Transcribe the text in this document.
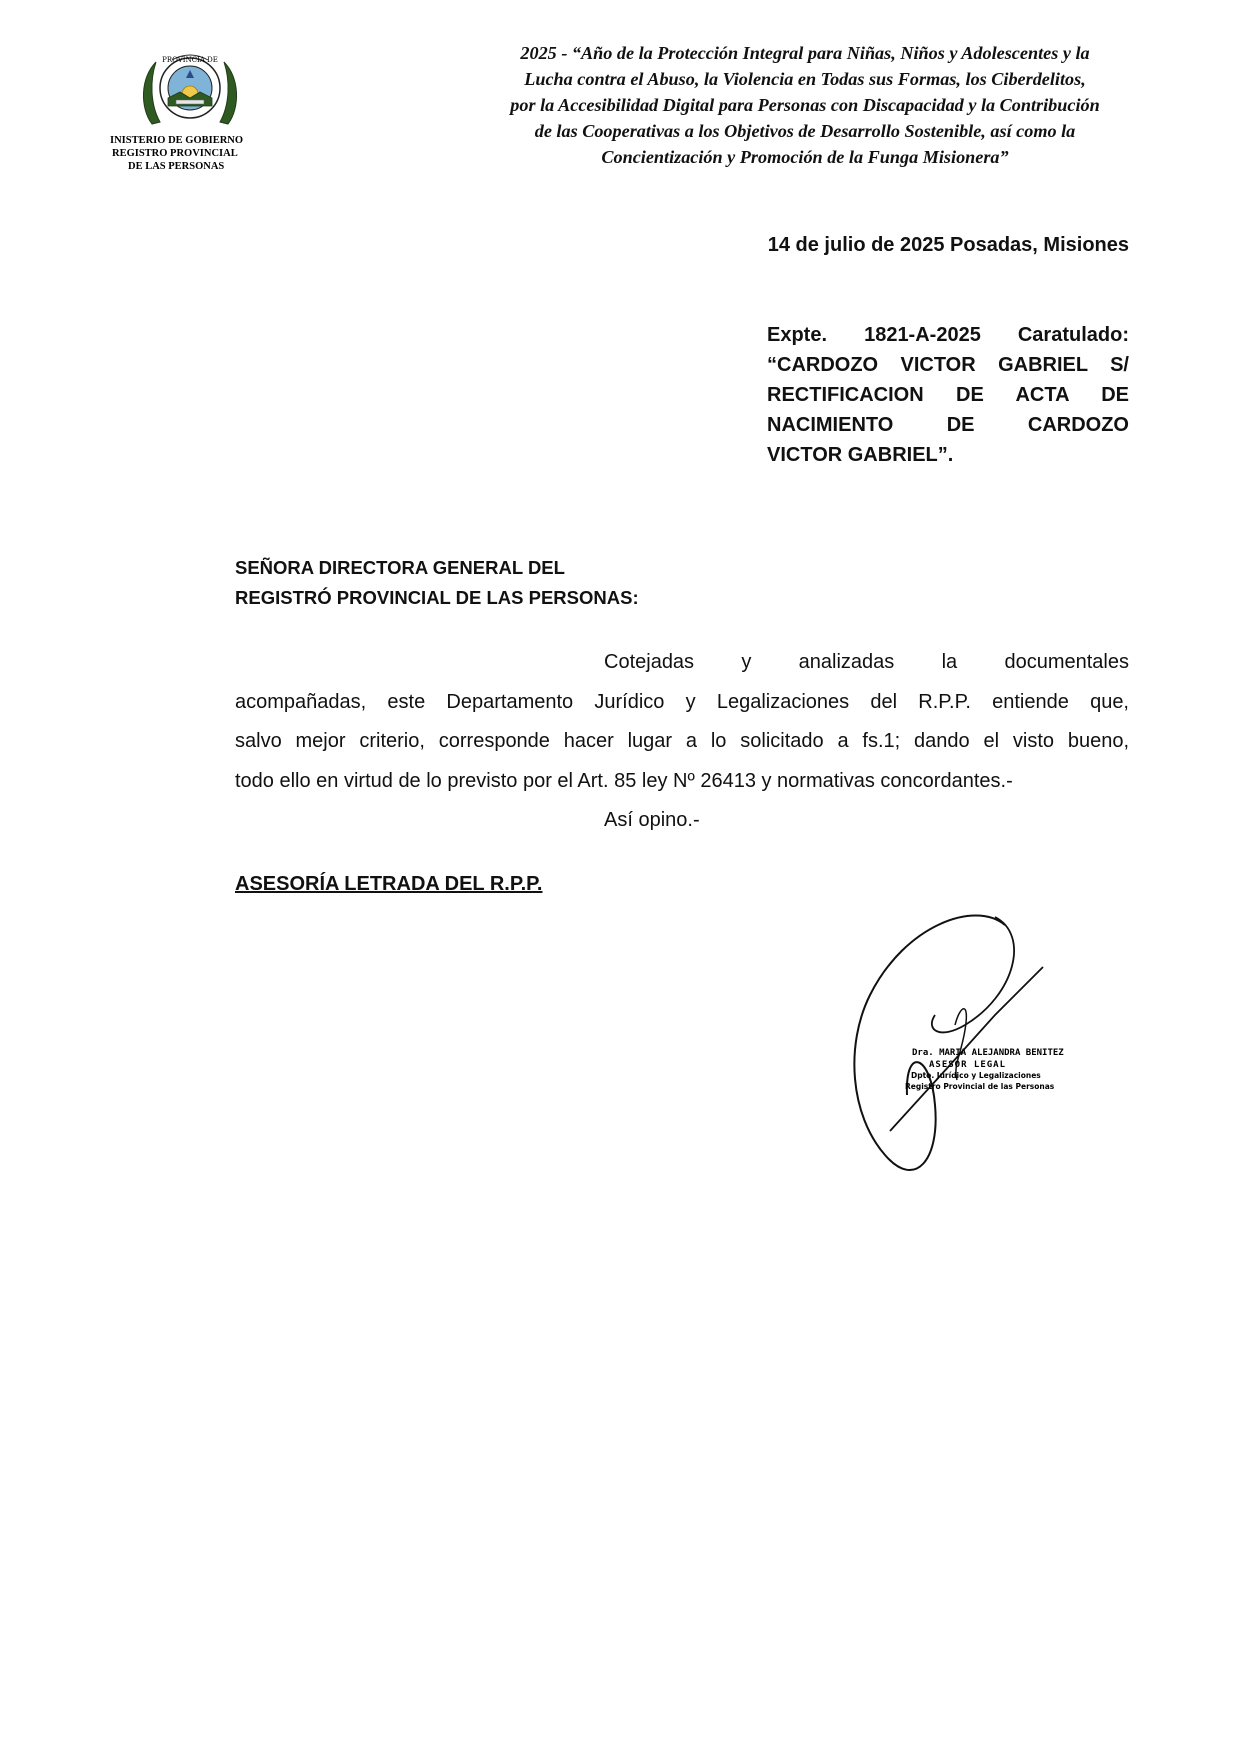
PROVINCIA DE
INISTERIO DE GOBIERNO
REGISTRO PROVINCIAL
DE LAS PERSONAS
2025 - “Año de la Protección Integral para Niñas, Niños y Adolescentes y la
Lucha contra el Abuso, la Violencia en Todas sus Formas, los Ciberdelitos,
por la Accesibilidad Digital para Personas con Discapacidad y la Contribución
de las Cooperativas a los Objetivos de Desarrollo Sostenible, así como la
Concientización y Promoción de la Funga Misionera”
14 de julio de 2025 Posadas, Misiones
Expte. 1821-A-2025 Caratulado:
“CARDOZO VICTOR GABRIEL S/
RECTIFICACION DE ACTA DE
NACIMIENTO DE CARDOZO
VICTOR GABRIEL”.
SEÑORA DIRECTORA GENERAL DEL
REGISTRÓ PROVINCIAL DE LAS PERSONAS:
Cotejadas y analizadas la documentales
acompañadas, este Departamento Jurídico y Legalizaciones del R.P.P. entiende que,
salvo mejor criterio, corresponde hacer lugar a lo solicitado a fs.1; dando el visto bueno,
todo ello en virtud de lo previsto por el Art. 85 ley Nº 26413 y normativas concordantes.-
Así opino.-
ASESORÍA LETRADA DEL R.P.P.
Dra. MARIA ALEJANDRA BENITEZ
ASESOR LEGAL
Dpto. Jurídico y Legalizaciones
Registro Provincial de las Personas
